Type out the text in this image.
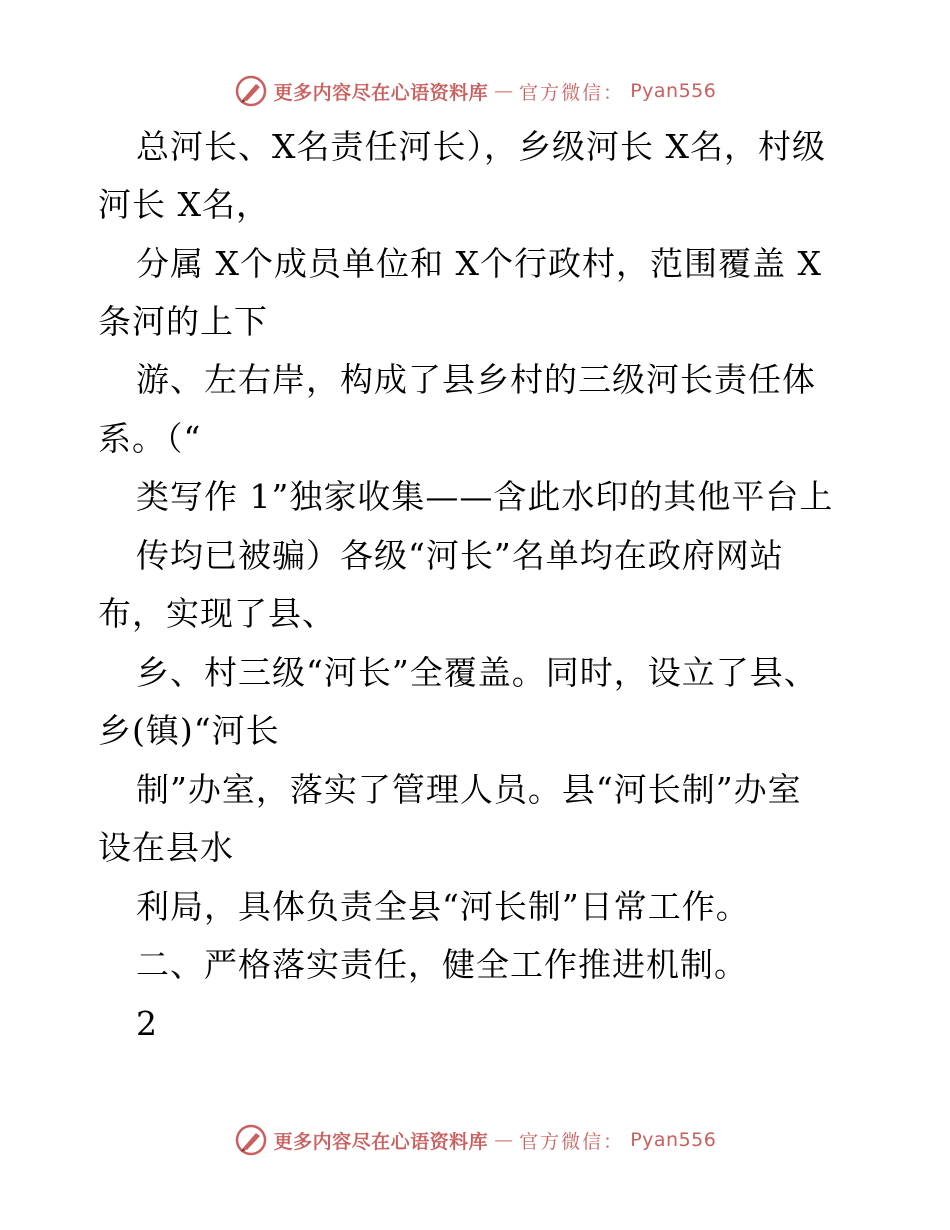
更多内容尽在心语资料库 — 官方微信： Pyan556
总河长、X名责任河长），乡级河长 X名，村级
河长 X名，
分属 X个成员单位和 X个行政村，范围覆盖 X
条河的上下
游、左右岸，构成了县乡村的三级河长责任体
系。（“
类写作 1”独家收集——含此水印的其他平台上
传均已被骗）各级“河长”名单均在政府网站
布，实现了县、
乡、村三级“河长”全覆盖。同时，设立了县、
乡(镇)“河长
制”办室，落实了管理人员。县“河长制”办室
设在县水
利局，具体负责全县“河长制”日常工作。
二、严格落实责任，健全工作推进机制。
2
更多内容尽在心语资料库 — 官方微信： Pyan556
